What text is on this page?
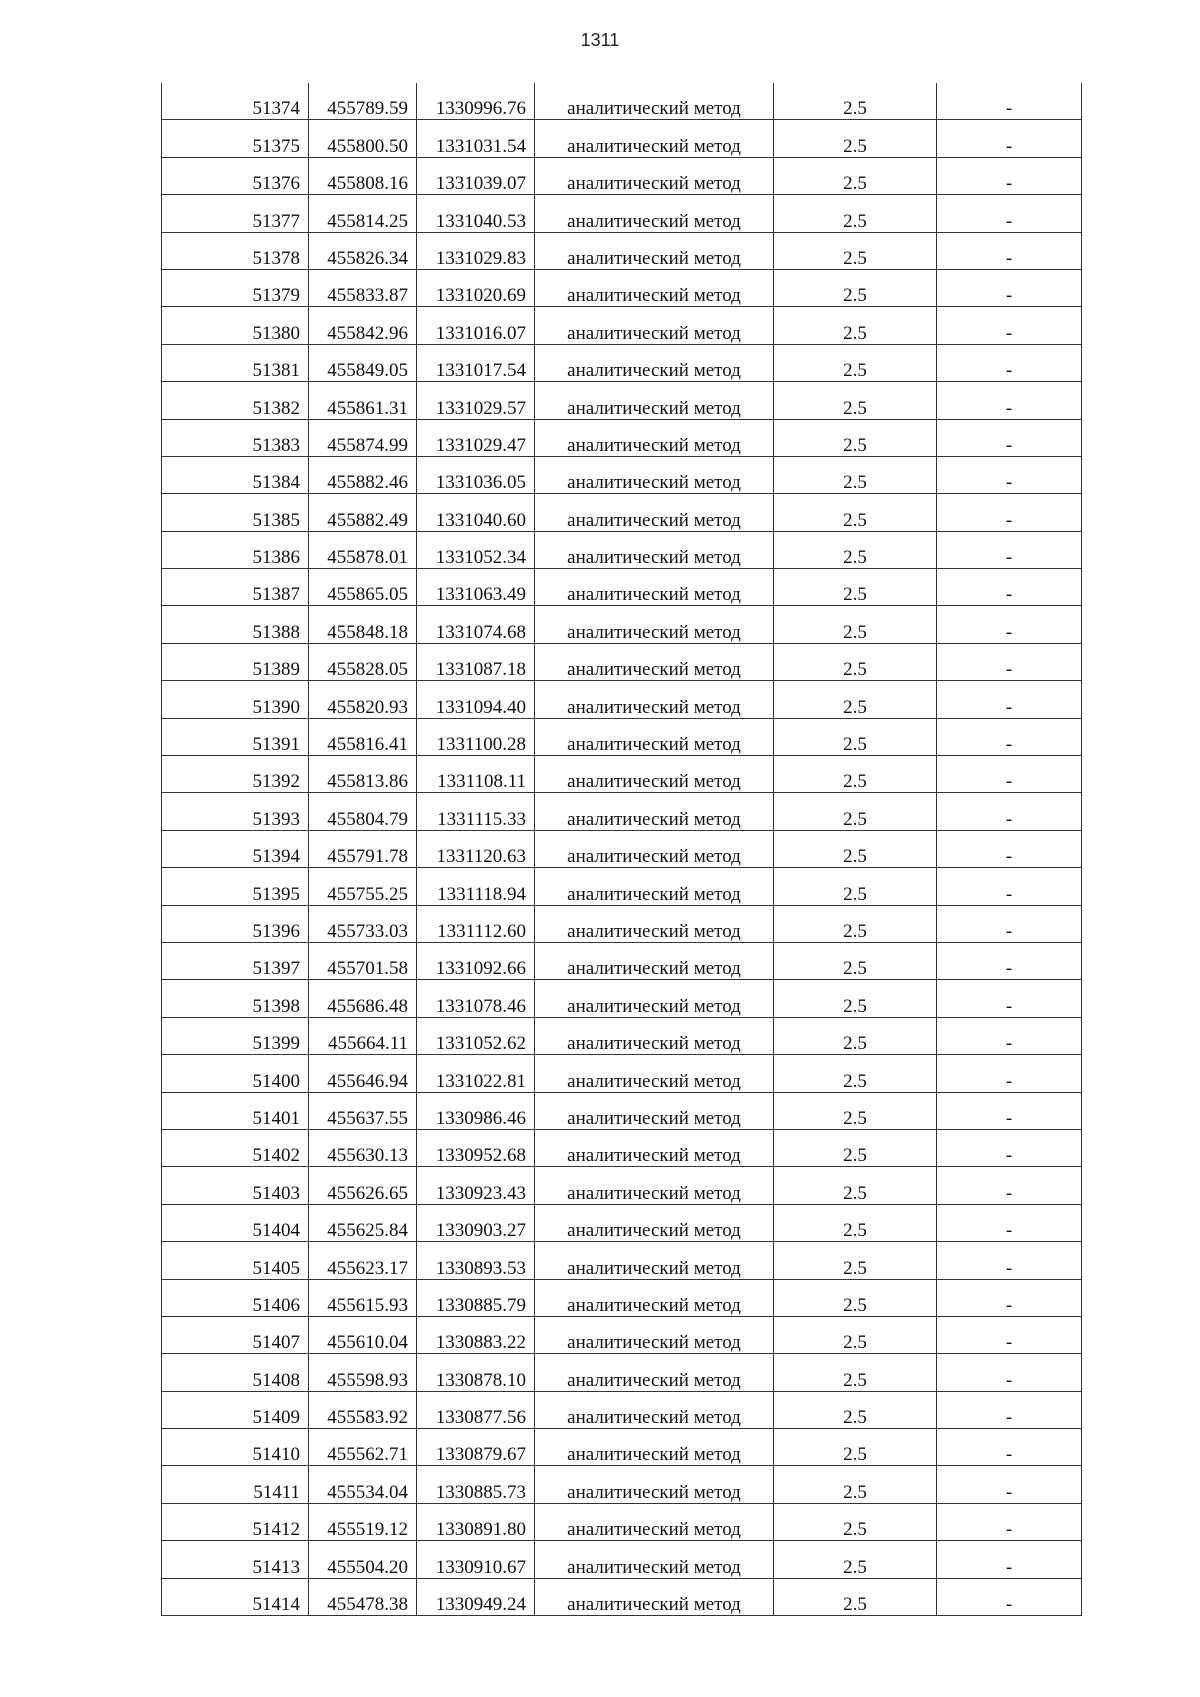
1311
51374	455789.59	1330996.76	аналитический метод	2.5	-
51375	455800.50	1331031.54	аналитический метод	2.5	-
51376	455808.16	1331039.07	аналитический метод	2.5	-
51377	455814.25	1331040.53	аналитический метод	2.5	-
51378	455826.34	1331029.83	аналитический метод	2.5	-
51379	455833.87	1331020.69	аналитический метод	2.5	-
51380	455842.96	1331016.07	аналитический метод	2.5	-
51381	455849.05	1331017.54	аналитический метод	2.5	-
51382	455861.31	1331029.57	аналитический метод	2.5	-
51383	455874.99	1331029.47	аналитический метод	2.5	-
51384	455882.46	1331036.05	аналитический метод	2.5	-
51385	455882.49	1331040.60	аналитический метод	2.5	-
51386	455878.01	1331052.34	аналитический метод	2.5	-
51387	455865.05	1331063.49	аналитический метод	2.5	-
51388	455848.18	1331074.68	аналитический метод	2.5	-
51389	455828.05	1331087.18	аналитический метод	2.5	-
51390	455820.93	1331094.40	аналитический метод	2.5	-
51391	455816.41	1331100.28	аналитический метод	2.5	-
51392	455813.86	1331108.11	аналитический метод	2.5	-
51393	455804.79	1331115.33	аналитический метод	2.5	-
51394	455791.78	1331120.63	аналитический метод	2.5	-
51395	455755.25	1331118.94	аналитический метод	2.5	-
51396	455733.03	1331112.60	аналитический метод	2.5	-
51397	455701.58	1331092.66	аналитический метод	2.5	-
51398	455686.48	1331078.46	аналитический метод	2.5	-
51399	455664.11	1331052.62	аналитический метод	2.5	-
51400	455646.94	1331022.81	аналитический метод	2.5	-
51401	455637.55	1330986.46	аналитический метод	2.5	-
51402	455630.13	1330952.68	аналитический метод	2.5	-
51403	455626.65	1330923.43	аналитический метод	2.5	-
51404	455625.84	1330903.27	аналитический метод	2.5	-
51405	455623.17	1330893.53	аналитический метод	2.5	-
51406	455615.93	1330885.79	аналитический метод	2.5	-
51407	455610.04	1330883.22	аналитический метод	2.5	-
51408	455598.93	1330878.10	аналитический метод	2.5	-
51409	455583.92	1330877.56	аналитический метод	2.5	-
51410	455562.71	1330879.67	аналитический метод	2.5	-
51411	455534.04	1330885.73	аналитический метод	2.5	-
51412	455519.12	1330891.80	аналитический метод	2.5	-
51413	455504.20	1330910.67	аналитический метод	2.5	-
51414	455478.38	1330949.24	аналитический метод	2.5	-
